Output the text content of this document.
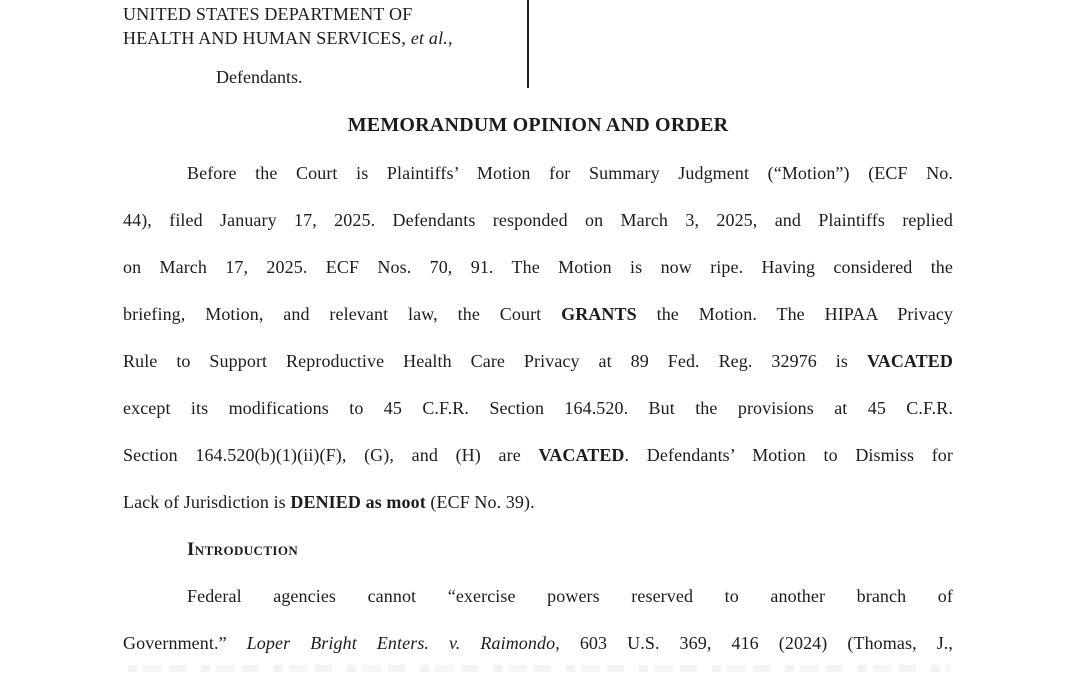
UNITED STATES DEPARTMENT OF
HEALTH AND HUMAN SERVICES, et al.,
Defendants.
MEMORANDUM OPINION AND ORDER
Before the Court is Plaintiffs’ Motion for Summary Judgment (“Motion”) (ECF No.
44), filed January 17, 2025. Defendants responded on March 3, 2025, and Plaintiffs replied
on March 17, 2025. ECF Nos. 70, 91. The Motion is now ripe. Having considered the
briefing, Motion, and relevant law, the Court GRANTS the Motion. The HIPAA Privacy
Rule to Support Reproductive Health Care Privacy at 89 Fed. Reg. 32976 is VACATED
except its modifications to 45 C.F.R. Section 164.520. But the provisions at 45 C.F.R.
Section 164.520(b)(1)(ii)(F), (G), and (H) are VACATED. Defendants’ Motion to Dismiss for
Lack of Jurisdiction is DENIED as moot (ECF No. 39).
Introduction
Federal agencies cannot “exercise powers reserved to another branch of
Government.” Loper Bright Enters. v. Raimondo, 603 U.S. 369, 416 (2024) (Thomas, J.,
